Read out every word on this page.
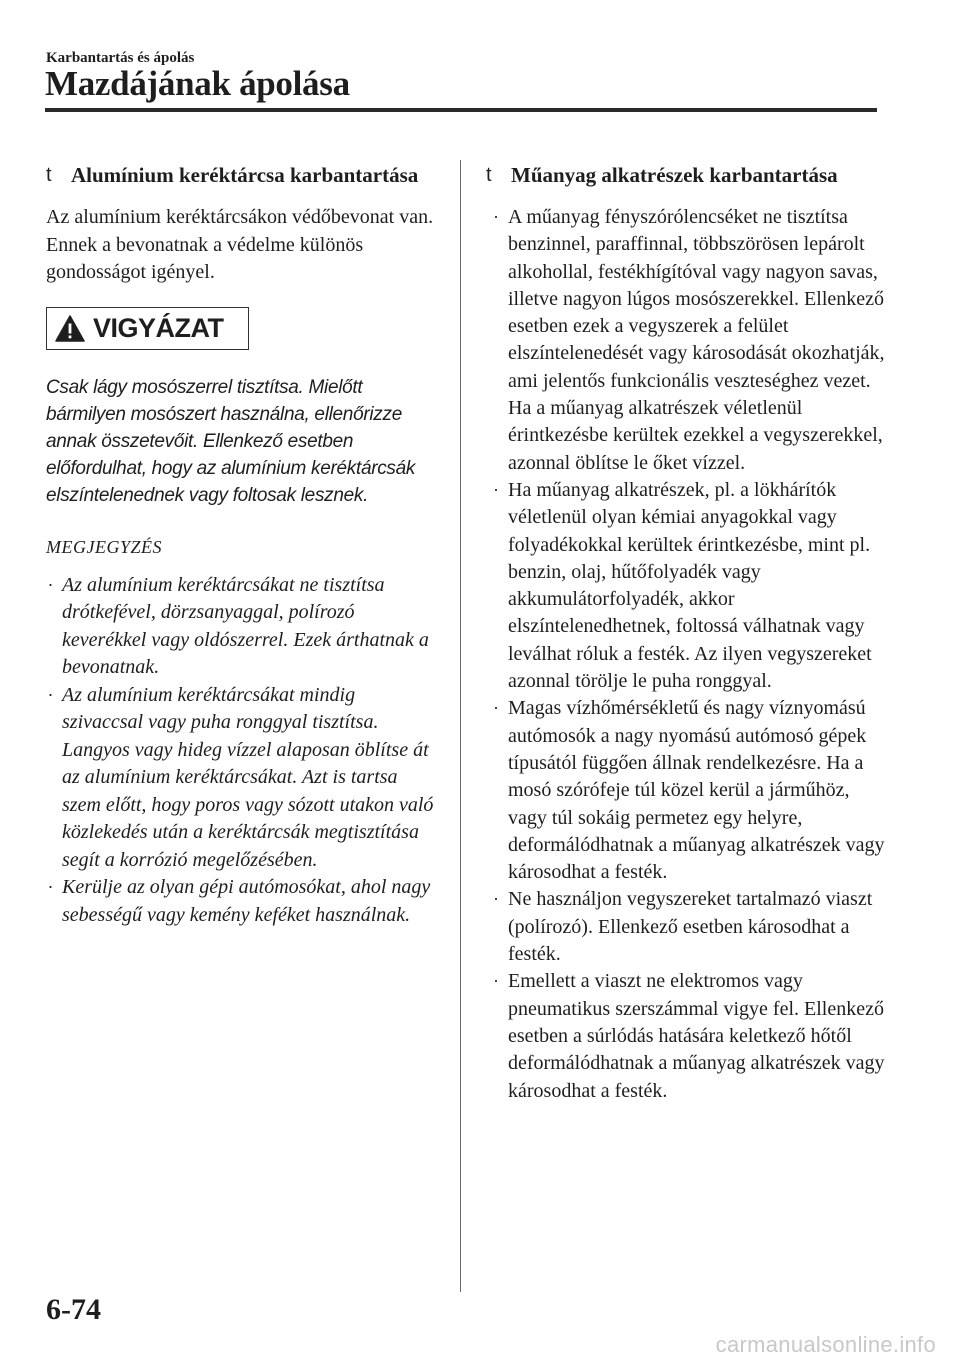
Karbantartás és ápolás
Mazdájának ápolása
t Alumínium keréktárcsa karbantartása
Az alumínium keréktárcsákon védőbevonat van. Ennek a bevonatnak a védelme különös gondosságot igényel.
VIGYÁZAT
Csak lágy mosószerrel tisztítsa. Mielőtt bármilyen mosószert használna, ellenőrizze annak összetevőit. Ellenkező esetben előfordulhat, hogy az alumínium keréktárcsák elszíntelenednek vagy foltosak lesznek.
MEGJEGYZÉS
· Az alumínium keréktárcsákat ne tisztítsa drótkefével, dörzsanyaggal, polírozó keverékkel vagy oldószerrel. Ezek árthatnak a bevonatnak.
· Az alumínium keréktárcsákat mindig szivaccsal vagy puha ronggyal tisztítsa. Langyos vagy hideg vízzel alaposan öblítse át az alumínium keréktárcsákat. Azt is tartsa szem előtt, hogy poros vagy sózott utakon való közlekedés után a keréktárcsák megtisztítása segít a korrózió megelőzésében.
· Kerülje az olyan gépi autómosókat, ahol nagy sebességű vagy kemény keféket használnak.
t Műanyag alkatrészek karbantartása
· A műanyag fényszórólencséket ne tisztítsa benzinnel, paraffinnal, többszörösen lepárolt alkohollal, festékhígítóval vagy nagyon savas, illetve nagyon lúgos mosószerekkel. Ellenkező esetben ezek a vegyszerek a felület elszíntelenedését vagy károsodását okozhatják, ami jelentős funkcionális veszteséghez vezet. Ha a műanyag alkatrészek véletlenül érintkezésbe kerültek ezekkel a vegyszerekkel, azonnal öblítse le őket vízzel.
· Ha műanyag alkatrészek, pl. a lökhárítók véletlenül olyan kémiai anyagokkal vagy folyadékokkal kerültek érintkezésbe, mint pl. benzin, olaj, hűtőfolyadék vagy akkumulátorfolyadék, akkor elszíntelenedhetnek, foltossá válhatnak vagy leválhat róluk a festék. Az ilyen vegyszereket azonnal törölje le puha ronggyal.
· Magas vízhőmérsékletű és nagy víznyomású autómosók a nagy nyomású autómosó gépek típusától függően állnak rendelkezésre. Ha a mosó szórófeje túl közel kerül a járműhöz, vagy túl sokáig permetez egy helyre, deformálódhatnak a műanyag alkatrészek vagy károsodhat a festék.
· Ne használjon vegyszereket tartalmazó viaszt (polírozó). Ellenkező esetben károsodhat a festék.
· Emellett a viaszt ne elektromos vagy pneumatikus szerszámmal vigye fel. Ellenkező esetben a súrlódás hatására keletkező hőtől deformálódhatnak a műanyag alkatrészek vagy károsodhat a festék.
6-74
carmanualsonline.info
